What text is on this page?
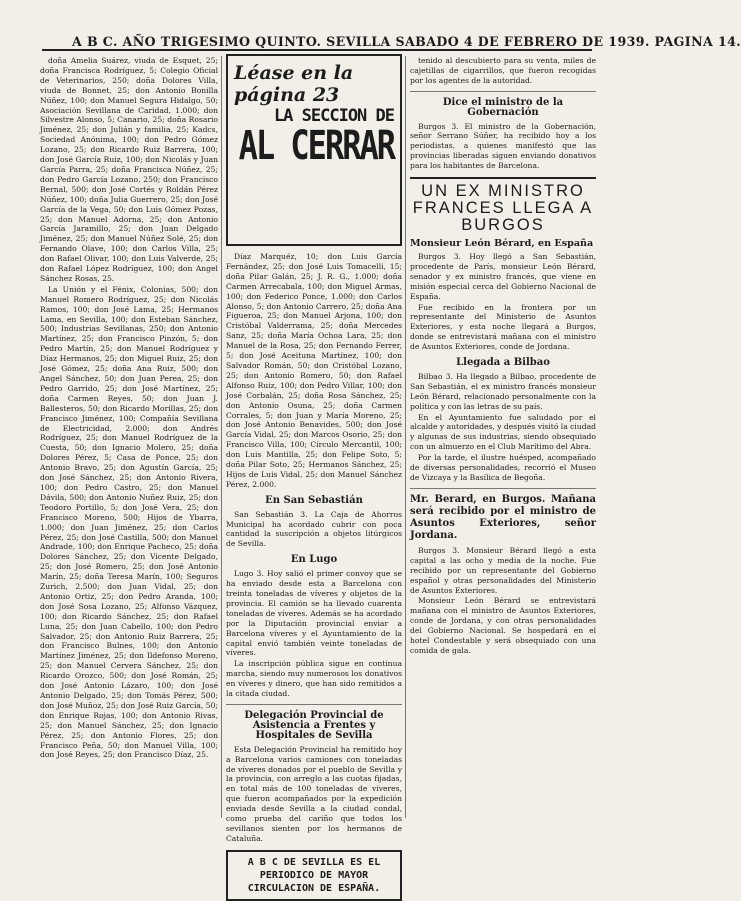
A B C. AÑO TRIGESIMO QUINTO. SEVILLA SABADO 4 DE FEBRERO DE 1939. PAGINA 14.

doña Amelia Suárez, viuda de Esquet, 25; doña Francisca Rodríguez, 5; Colegio Oficial de Veterinarios, 250; doña Dolores Villa, viuda de Bonnet, 25; don Antonio Bonilla Núñez, 100; don Manuel Segura Hidalgo, 50; Asociación Sevillana de Caridad, 1.000; don Silvestre Alonso, 5; Canario, 25; doña Rosario Jiménez, 25; don Julián y familia, 25; Kadcs, Sociedad Anónima, 100; don Pedro Gómez Lozano, 25; don Ricardo Ruiz Barrera, 100; don José García Ruiz, 100; don Nicolás y Juan García Parra, 25; doña Francisca Núñez, 25; don Pedro García Lozano, 250; don Francisco Bernal, 500; don José Cortés y Roldán Pérez Núñez, 100; doña Julia Guerrero, 25; don José García de la Vega, 50; don Luis Gómez Pozas, 25; don Manuel Adorna, 25; don Antonio García Jaramillo, 25; don Juan Delgado Jiménez, 25; don Manuel Núñez Solé, 25; don Fernando Olave, 100; don Carlos Villa, 25; don Rafael Olivar, 100; don Luis Valverde, 25; don Rafael López Rodríguez, 100; don Angel Sánchez Rosas, 25.

La Unión y el Fénix, Colonias, 500; don Manuel Romero Rodríguez, 25; don Nicolás Ramos, 100; don José Lama, 25; Hermanos Lama, en Sevilla, 100; don Esteban Sánchez, 500; Industrias Sevillanas, 250; don Antonio Martínez, 25; don Francisco Pinzón, 5; don Pedro Martín, 25; don Manuel Rodríguez y Díaz Hermanos, 25; don Miguel Ruiz, 25; don José Gómez, 25; doña Ana Ruiz, 500; don Angel Sánchez, 50; don Juan Perea, 25; don Pedro Garrido, 25; don José Martínez, 25; doña Carmen Reyes, 50; don Juan J. Ballesteros, 50; don Ricardo Morillas, 25; don Francisco Jiménez, 100; Compañía Sevillana de Electricidad, 2.000; don Andrés Rodríguez, 25; don Manuel Rodríguez de la Cuesta, 50; don Ignacio Molero, 25; doña Dolores Pérez, 5; Casa de Ponce, 25; don Antonio Bravo, 25; don Agustín García, 25; don José Sánchez, 25; don Antonio Rivera, 100; don Pedro Castro, 25; don Manuel Dávila, 500; don Antonio Nuñez Ruiz, 25; don Teodoro Portillo, 5; don José Vera, 25; don Francisco Moreno, 500; Hijos de Ybarra, 1.000; don Juan Jiménez, 25; don Carlos Pérez, 25; don José Castilla, 500; don Manuel Andrade, 100; don Enrique Pacheco, 25; doña Dolores Sánchez, 25; don Vicente Delgado, 25; don José Romero, 25; don José Antonio Marín, 25; doña Teresa Marín, 100; Seguros Zurich, 2.500; don Juan Vidal, 25; don Antonio Ortiz, 25; don Pedro Aranda, 100; don José Sosa Lozano, 25; Alfonso Vázquez, 100; don Ricardo Sánchez, 25; don Rafael Luna, 25; don Juan Cabello, 100; don Pedro Salvador, 25; don Antonio Ruiz Barrera, 25; don Francisco Bulnes, 100; don Antonio Martínez Jiménez, 25; don Ildefonso Moreno, 25; don Manuel Cervera Sánchez, 25; don Ricardo Orozco, 500; don José Román, 25; don José Antonio Lázaro, 100; don José Antonio Delgado, 25; don Tomás Pérez, 500; don José Muñoz, 25; don José Ruiz García, 50; don Enrique Rojas, 100; don Antonio Rivas, 25; don Manuel Sánchez, 25; don Ignacio Pérez, 25; don Antonio Flores, 25; don Francisco Peña, 50; don Manuel Villa, 100; don José Reyes, 25; don Francisco Díaz, 25.

Léase en la
página 23
LA SECCION DE
AL CERRAR

Díaz Marquéz, 10; don Luis García Fernández, 25; don José Luis Tomacelli, 15; doña Pilar Galán, 25; J. R. G., 1.000; doña Carmen Arrecabala, 100; don Miguel Armas, 100; don Federico Ponce, 1.000; don Carlos Alonso, 5; don Antonio Carrero, 25; doña Ana Figueroa, 25; don Manuel Arjona, 100; don Cristóbal Valderrama, 25; doña Mercedes Sanz, 25; doña María Ochoa Lara, 25; don Manuel de la Rosa, 25; don Fernando Ferrer, 5; don José Aceituna Martínez, 100; don Salvador Román, 50; don Cristóbal Lozano, 25; don Antonio Romero, 50; don Rafael Alfonso Ruiz, 100; don Pedro Villar, 100; don José Corbalán, 25; doña Rosa Sánchez, 25; don Antonio Osuna, 25; doña Carmen Corrales, 5; don Juan y María Moreno, 25; don José Antonio Benavides, 500; don José García Vidal, 25; don Marcos Osorio, 25; don Francisco Villa, 100; Círculo Mercantil, 100; don Luis Mantilla, 25; don Felipe Soto, 5; doña Pilar Soto, 25; Hermanos Sánchez, 25; Hijos de Luis Vidal, 25; don Manuel Sánchez Pérez, 2.000.

En San Sebastián

San Sebastián 3. La Caja de Ahorros Municipal ha acordado cubrir con poca cantidad la suscripción a objetos litúrgicos de Sevilla.

En Lugo

Lugo 3. Hoy salió el primer convoy que se ha enviado desde esta a Barcelona con treinta toneladas de víveres y objetos de la provincia. El camión se ha llevado cuarenta toneladas de víveres. Además se ha acordado por la Diputación provincial enviar a Barcelona víveres y el Ayuntamiento de la capital envió también veinte toneladas de víveres.

La inscripción pública sigue en continua marcha, siendo muy numerosos los donativos en víveres y dinero, que han sido remitidos a la citada ciudad.

Delegación Provincial de Asistencia a Frentes y Hospitales de Sevilla

Esta Delegación Provincial ha remitido hoy a Barcelona varios camiones con toneladas de víveres donados por el pueblo de Sevilla y la provincia, con arreglo a las cuotas fijadas, en total más de 100 toneladas de víveres, que fueron acompañados por la expedición enviada desde Sevilla a la ciudad condal, como prueba del cariño que todos los sevillanos sienten por los hermanos de Cataluña.

A B C DE SEVILLA ES EL PERIODICO DE MAYOR CIRCULACION DE ESPAÑA.

tenido al descubierto para su venta, miles de cajetillas de cigarrillos, que fueron recogidas por los agentes de la autoridad.

Dice el ministro de la Gobernación

Burgos 3. El ministro de la Gobernación, señor Serrano Súñer, ha recibido hoy a los periodistas, a quienes manifestó que las provincias liberadas siguen enviando donativos para los habitantes de Barcelona.

UN EX MINISTRO FRANCES LLEGA A BURGOS
Monsieur León Bérard, en España

Burgos 3. Hoy llegó a San Sebastián, procedente de París, monsieur León Bérard, senador y ex ministro francés, que viene en misión especial cerca del Gobierno Nacional de España.

Fue recibido en la frontera por un representante del Ministerio de Asuntos Exteriores, y esta noche llegará a Burgos, donde se entrevistará mañana con el ministro de Asuntos Exteriores, conde de Jordana.

Llegada a Bilbao

Bilbao 3. Ha llegado a Bilbao, procedente de San Sebastián, el ex ministro francés monsieur León Bérard, relacionado personalmente con la política y con las letras de su país.

En el Ayuntamiento fue saludado por el alcalde y autoridades, y después visitó la ciudad y algunas de sus industrias, siendo obsequiado con un almuerzo en el Club Marítimo del Abra.

Por la tarde, el ilustre huésped, acompañado de diversas personalidades, recorrió el Museo de Vizcaya y la Basílica de Begoña.

Mr. Berard, en Burgos. Mañana será recibido por el ministro de Asuntos Exteriores, señor Jordana.

Burgos 3. Monsieur Bérard llegó a esta capital a las ocho y media de la noche. Fue recibido por un representante del Gobierno español y otras personalidades del Ministerio de Asuntos Exteriores.

Monsieur León Bérard se entrevistará mañana con el ministro de Asuntos Exteriores, conde de Jordana, y con otras personalidades del Gobierno Nacional. Se hospedará en el hotel Condestable y será obsequiado con una comida de gala.
